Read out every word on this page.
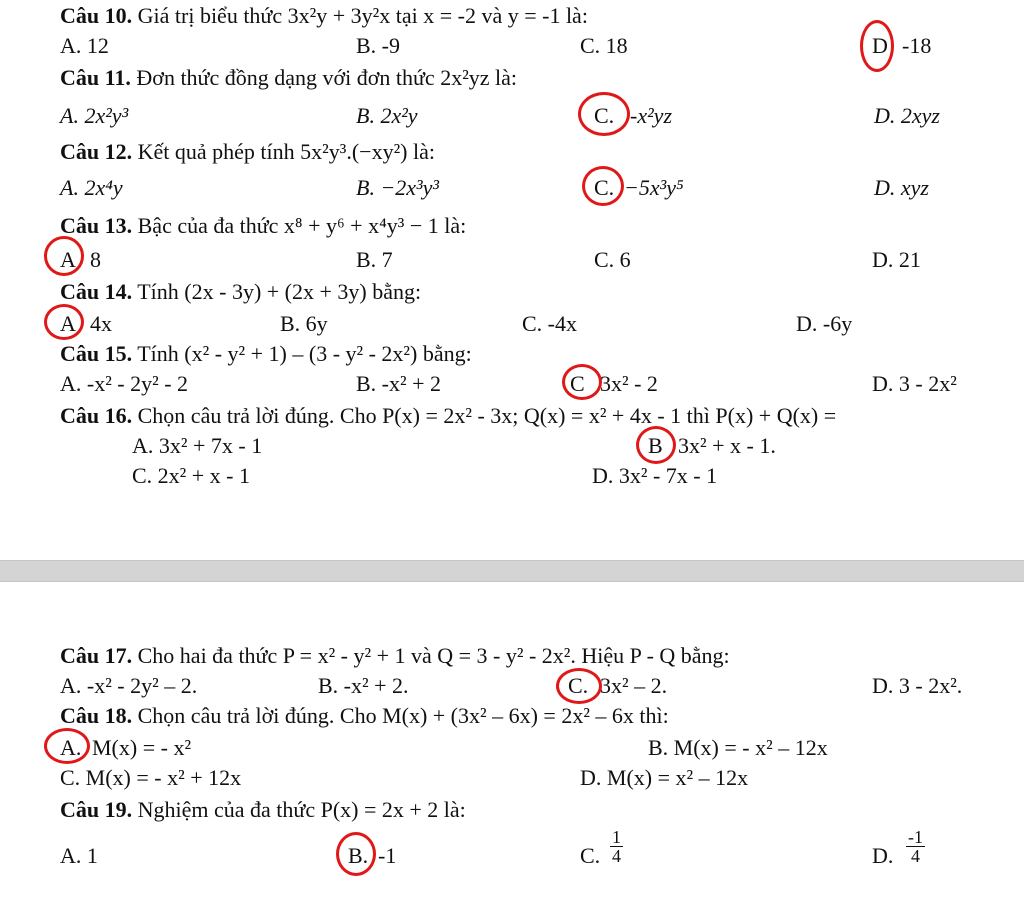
Câu 10. Giá trị biểu thức 3x²y + 3y²x tại x = -2 và y = -1 là:
A. 12	B. -9	C. 18	D -18
Câu 11. Đơn thức đồng dạng với đơn thức 2x²yz là:
A. 2x²y³	B. 2x²y	C. -x²yz	D. 2xyz
Câu 12. Kết quả phép tính 5x²y³.(−xy²) là:
A. 2x⁴y	B. −2x³y³	C. −5x³y⁵	D. xyz
Câu 13. Bậc của đa thức x⁸ + y⁶ + x⁴y³ − 1 là:
A 8	B. 7	C. 6	D. 21
Câu 14. Tính (2x - 3y) + (2x + 3y) bằng:
A 4x	B. 6y	C. -4x	D. -6y
Câu 15. Tính (x² - y² + 1) – (3 - y² - 2x²) bằng:
A. -x² - 2y² - 2	B. -x² + 2	C 3x² - 2	D. 3 - 2x²
Câu 16. Chọn câu trả lời đúng. Cho P(x) = 2x² - 3x; Q(x) = x² + 4x - 1 thì P(x) + Q(x) =
A. 3x² + 7x - 1	B 3x² + x - 1.
C. 2x² + x - 1	D. 3x² - 7x - 1
Câu 17. Cho hai đa thức P = x² - y² + 1 và Q = 3 - y² - 2x². Hiệu P - Q bằng:
A. -x² - 2y² – 2.	B. -x² + 2.	C. 3x² – 2.	D. 3 - 2x².
Câu 18. Chọn câu trả lời đúng. Cho M(x) + (3x² – 6x) = 2x² – 6x thì:
A. M(x) = - x²	B. M(x) = - x² – 12x
C. M(x) = - x² + 12x	D. M(x) = x² – 12x
Câu 19. Nghiệm của đa thức P(x) = 2x + 2 là:
A. 1	B. -1	C. $\frac{1}{4}$	D. $\frac{-1}{4}$
